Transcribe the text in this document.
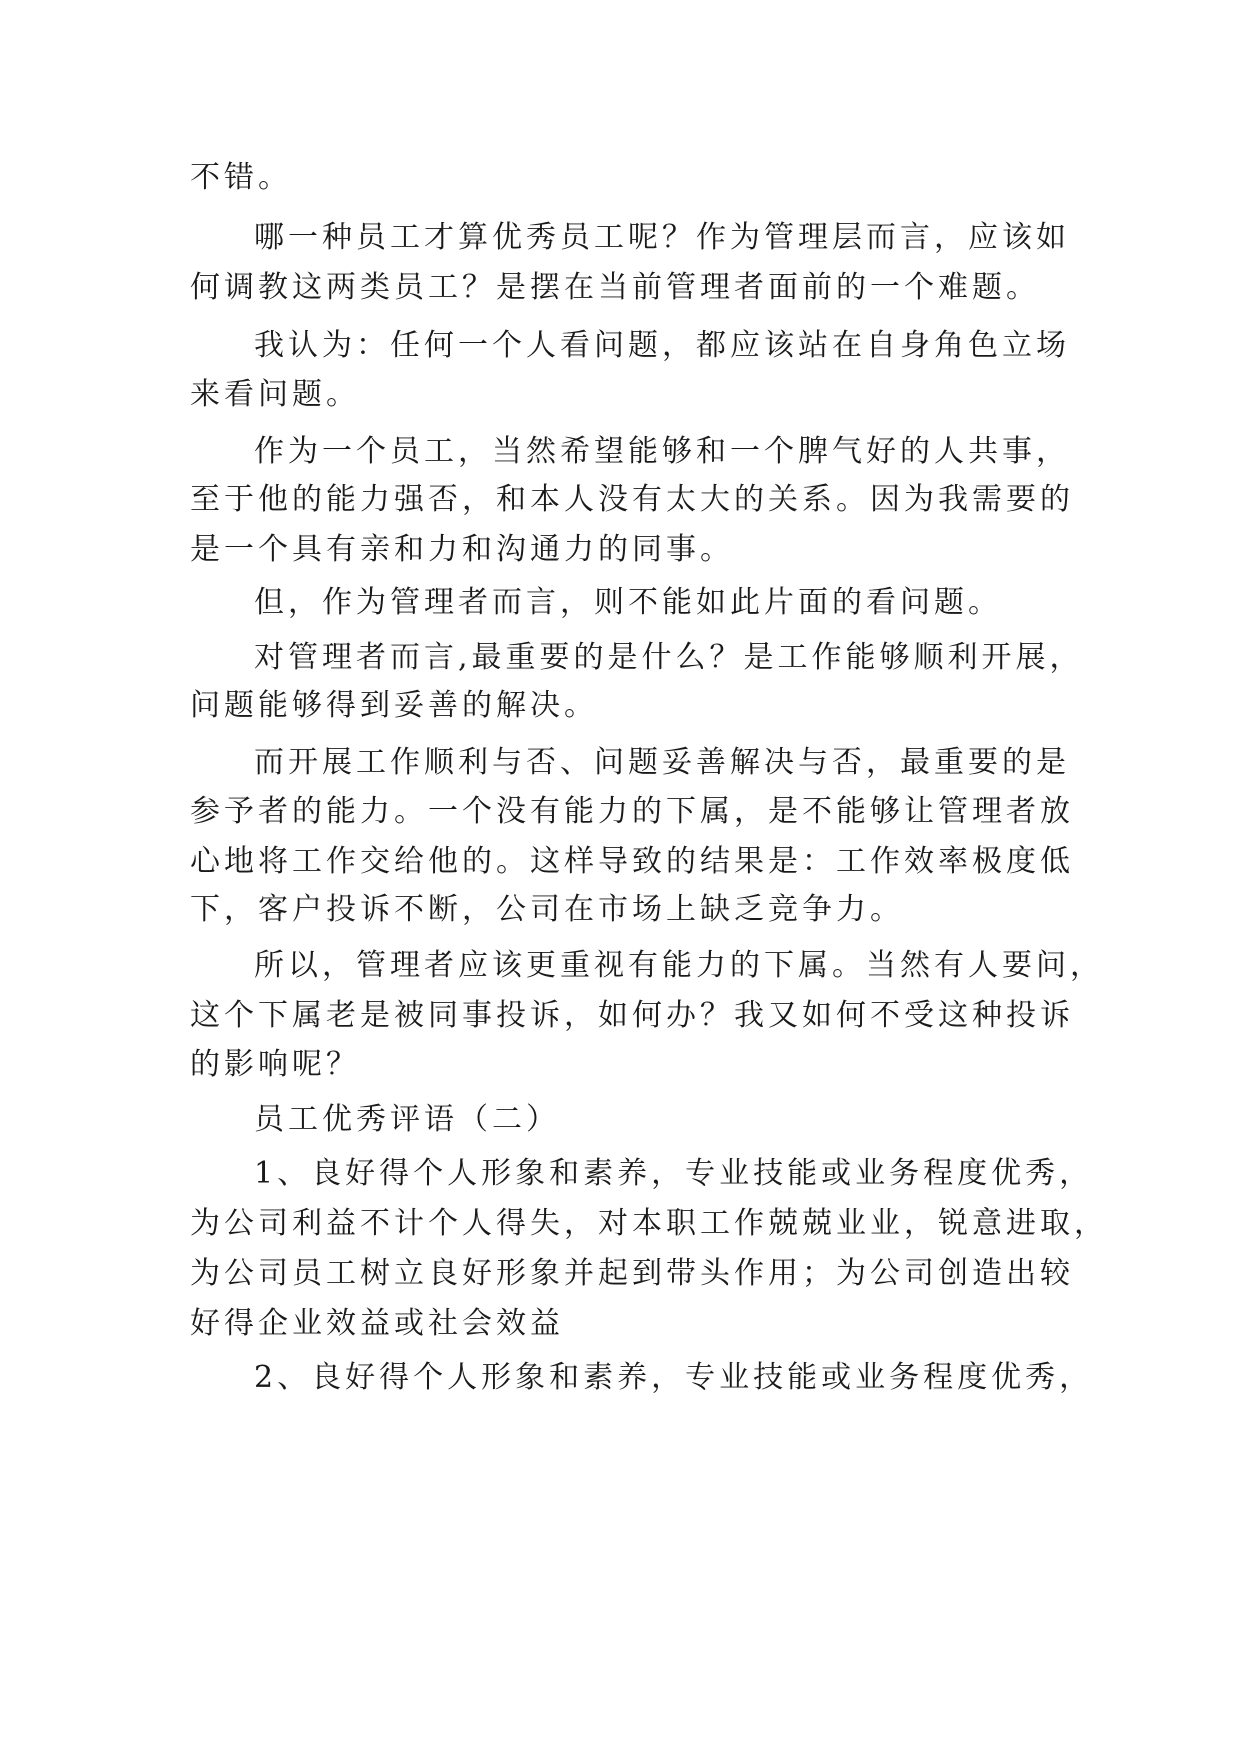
不错。
哪一种员工才算优秀员工呢？作为管理层而言，应该如
何调教这两类员工？是摆在当前管理者面前的一个难题。
我认为：任何一个人看问题，都应该站在自身角色立场
来看问题。
作为一个员工，当然希望能够和一个脾气好的人共事，
至于他的能力强否，和本人没有太大的关系。因为我需要的
是一个具有亲和力和沟通力的同事。
但，作为管理者而言，则不能如此片面的看问题。
对管理者而言,最重要的是什么？是工作能够顺利开展，
问题能够得到妥善的解决。
而开展工作顺利与否、问题妥善解决与否，最重要的是
参予者的能力。一个没有能力的下属，是不能够让管理者放
心地将工作交给他的。这样导致的结果是：工作效率极度低
下，客户投诉不断，公司在市场上缺乏竞争力。
所以，管理者应该更重视有能力的下属。当然有人要问，
这个下属老是被同事投诉，如何办？我又如何不受这种投诉
的影响呢？
员工优秀评语（二）
1、良好得个人形象和素养，专业技能或业务程度优秀，
为公司利益不计个人得失，对本职工作兢兢业业，锐意进取，
为公司员工树立良好形象并起到带头作用；为公司创造出较
好得企业效益或社会效益
2、良好得个人形象和素养，专业技能或业务程度优秀，
